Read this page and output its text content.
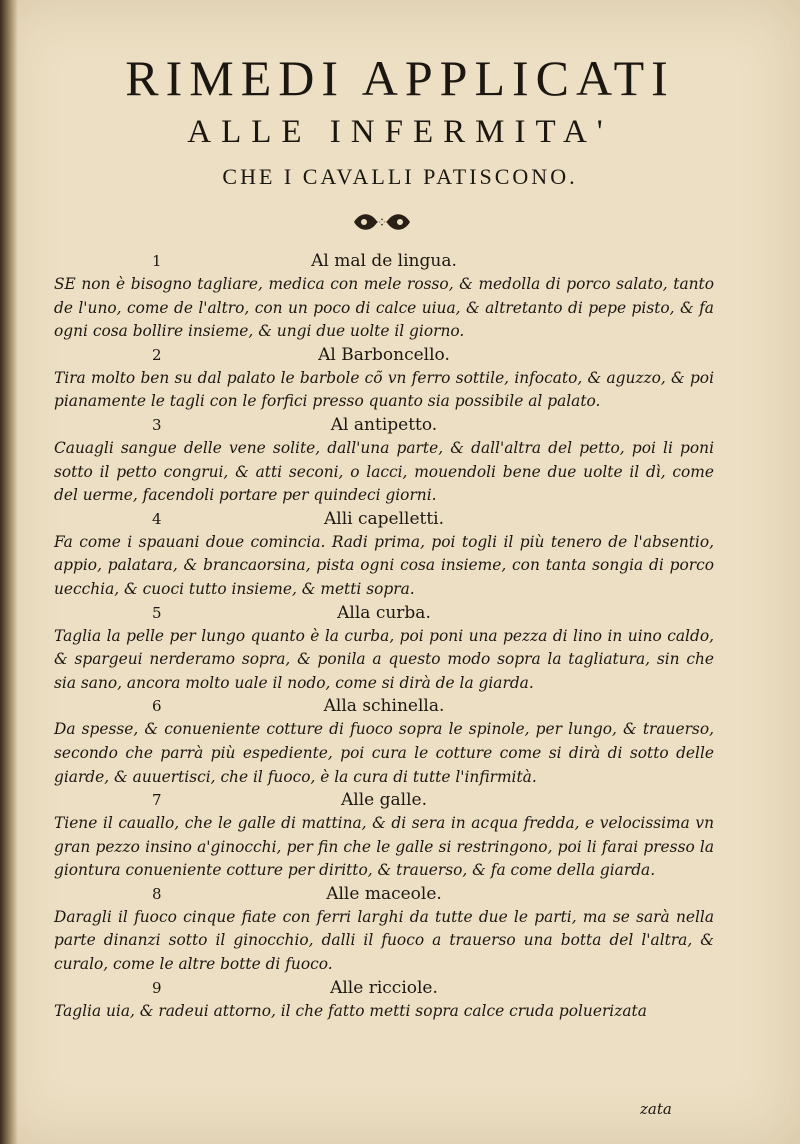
RIMEDI APPLICATI
ALLE INFERMITA'
CHE I CAVALLI PATISCONO.
1	Al mal de lingua.

SE non è bisogno tagliare, medica con mele rosso, & medolla di porco salato, tanto de l'uno, come de l'altro, con un poco di calce uiua, & altretanto di pepe pisto, & fa ogni cosa bollire insieme, & ungi due uolte il giorno.

2	Al Barboncello.

Tira molto ben su dal palato le barbole cõ vn ferro sottile, infocato, & aguzzo, & poi pianamente le tagli con le forfici presso quanto sia possibile al palato.

3	Al antipetto.

Cauagli sangue delle vene solite, dall'una parte, & dall'altra del petto, poi li poni sotto il petto congrui, & atti seconi, o lacci, mouendoli bene due uolte il dì, come del uerme, facendoli portare per quindeci giorni.

4	Alli capelletti.

Fa come i spauani doue comincia. Radi prima, poi togli il più tenero de l'absentio, appio, palatara, & brancaorsina, pista ogni cosa insieme, con tanta songia di porco uecchia, & cuoci tutto insieme, & metti sopra.

5	Alla curba.

Taglia la pelle per lungo quanto è la curba, poi poni una pezza di lino in uino caldo, & spargeui nerderamo sopra, & ponila a questo modo sopra la tagliatura, sin che sia sano, ancora molto uale il nodo, come si dirà de la giarda.

6	Alla schinella.

Da spesse, & conueniente cotture di fuoco sopra le spinole, per lungo, & trauerso, secondo che parrà più espediente, poi cura le cotture come si dirà di sotto delle giarde, & auuertisci, che il fuoco, è la cura di tutte l'infirmità.

7	Alle galle.

Tiene il cauallo, che le galle di mattina, & di sera in acqua fredda, e velocissima vn gran pezzo insino a'ginocchi, per fin che le galle si restringono, poi li farai presso la giontura conueniente cotture per diritto, & trauerso, & fa come della giarda.

8	Alle maceole.

Daragli il fuoco cinque fiate con ferri larghi da tutte due le parti, ma se sarà nella parte dinanzi sotto il ginocchio, dalli il fuoco a trauerso una botta del l'altra, & curalo, come le altre botte di fuoco.

9	Alle ricciole.

Taglia uia, & radeui attorno, il che fatto metti sopra calce cruda poluerizata

zata
